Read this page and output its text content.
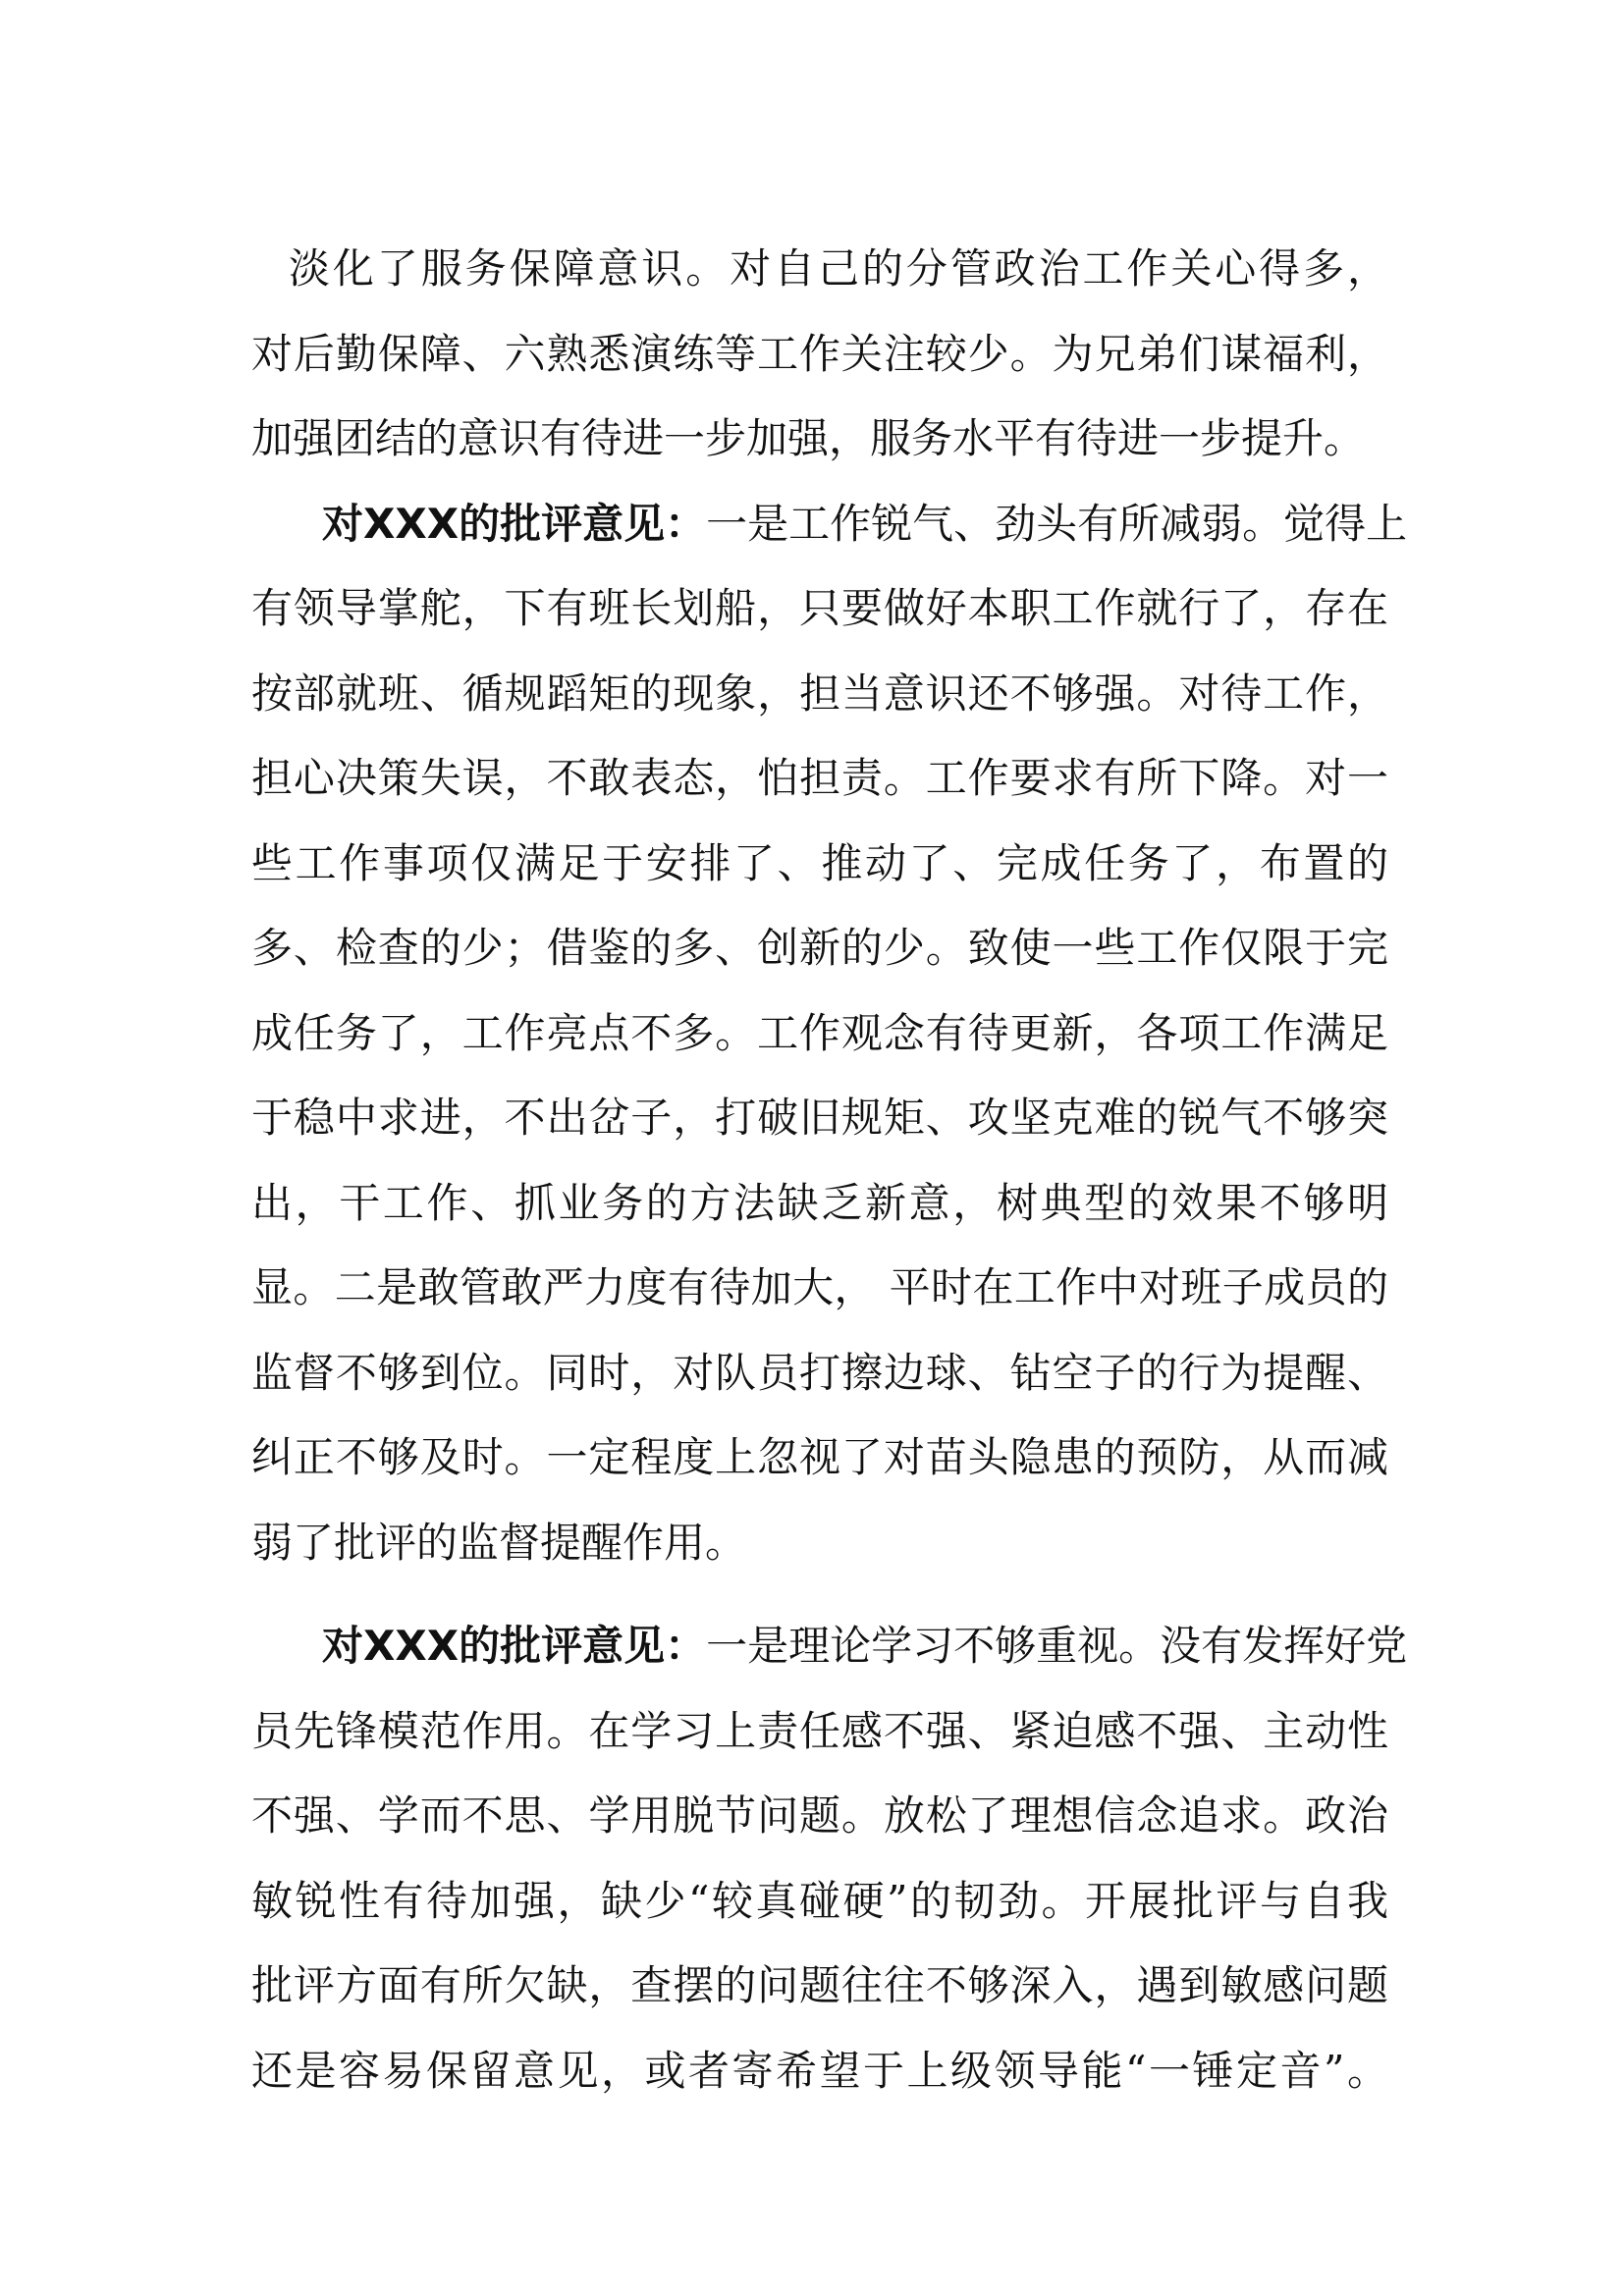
淡化了服务保障意识。对自己的分管政治工作关心得多，
对后勤保障、六熟悉演练等工作关注较少。为兄弟们谋福利，
加强团结的意识有待进一步加强，服务水平有待进一步提升。
对XXX的批评意见：一是工作锐气、劲头有所减弱。觉得上
有领导掌舵，下有班长划船，只要做好本职工作就行了，存在
按部就班、循规蹈矩的现象，担当意识还不够强。对待工作，
担心决策失误，不敢表态，怕担责。工作要求有所下降。对一
些工作事项仅满足于安排了、推动了、完成任务了，布置的
多、检查的少；借鉴的多、创新的少。致使一些工作仅限于完
成任务了，工作亮点不多。工作观念有待更新，各项工作满足
于稳中求进，不出岔子，打破旧规矩、攻坚克难的锐气不够突
出，干工作、抓业务的方法缺乏新意，树典型的效果不够明
显。二是敢管敢严力度有待加大， 平时在工作中对班子成员的
监督不够到位。同时，对队员打擦边球、钻空子的行为提醒、
纠正不够及时。一定程度上忽视了对苗头隐患的预防，从而减
弱了批评的监督提醒作用。
对XXX的批评意见：一是理论学习不够重视。没有发挥好党
员先锋模范作用。在学习上责任感不强、紧迫感不强、主动性
不强、学而不思、学用脱节问题。放松了理想信念追求。政治
敏锐性有待加强，缺少“较真碰硬”的韧劲。开展批评与自我
批评方面有所欠缺，查摆的问题往往不够深入，遇到敏感问题
还是容易保留意见，或者寄希望于上级领导能“一锤定音”。
